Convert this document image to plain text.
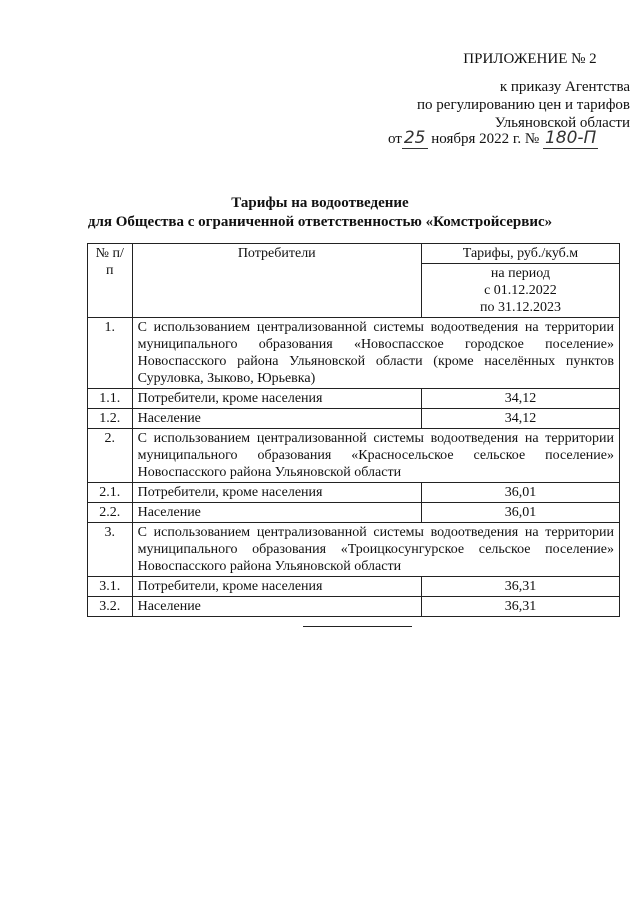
ПРИЛОЖЕНИЕ № 2
к приказу Агентства
по регулированию цен и тарифов
Ульяновской области
от 25 ноября 2022 г. № 180-П
Тарифы на водоотведение
для Общества с ограниченной ответственностью «Комстройсервис»
№ п/п	Потребители	Тарифы, руб./куб.м

		на период
с 01.12.2022
по 31.12.2023

1.	С использованием централизованной системы водоотведения на территории муниципального образования «Новоспасское городское поселение» Новоспасского района Ульяновской области (кроме населённых пунктов Суруловка, Зыково, Юрьевка)	
1.1.	Потребители, кроме населения	34,12
1.2.	Население	34,12
2.	С использованием централизованной системы водоотведения на территории муниципального образования «Красносельское сельское поселение» Новоспасского района Ульяновской области	
2.1.	Потребители, кроме населения	36,01
2.2.	Население	36,01
3.	С использованием централизованной системы водоотведения на территории муниципального образования «Троицкосунгурское сельское поселение» Новоспасского района Ульяновской области	
3.1.	Потребители, кроме населения	36,31
3.2.	Население	36,31
